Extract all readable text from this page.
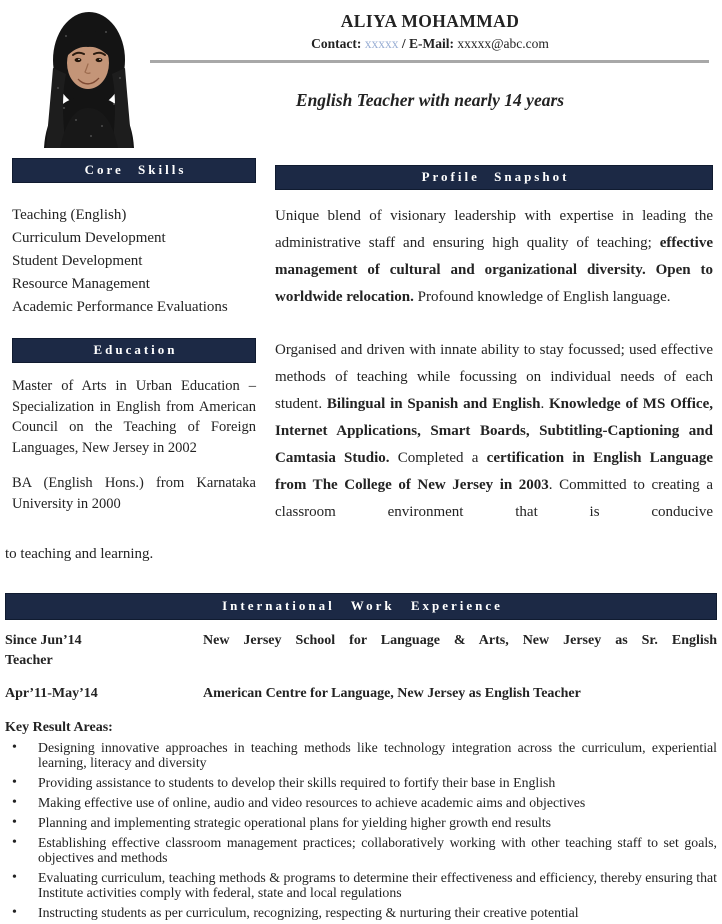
ALIYA MOHAMMAD
Contact: xxxxx / E-Mail: xxxxx@abc.com
English Teacher with nearly 14 years
Core Skills
Teaching (English)
Curriculum Development
Student Development
Resource Management
Academic Performance Evaluations
Education

Master of Arts in Urban Education – Specialization in English from American Council on the Teaching of Foreign Languages, New Jersey in 2002

BA (English Hons.) from Karnataka University in 2000

Profile Snapshot

Unique blend of visionary leadership with expertise in leading the administrative staff and ensuring high quality of teaching; effective management of cultural and organizational diversity. Open to worldwide relocation. Profound knowledge of English language.

Organised and driven with innate ability to stay focussed; used effective methods of teaching while focussing on individual needs of each student. Bilingual in Spanish and English. Knowledge of MS Office, Internet Applications, Smart Boards, Subtitling-Captioning and Camtasia Studio. Completed a certification in English Language from The College of New Jersey in 2003. Committed to creating a classroom environment that is conducive

to teaching and learning.
International Work Experience
Since Jun’14	New Jersey School for Language & Arts, New Jersey as Sr. English
Teacher
Apr’11-May’14	American Centre for Language, New Jersey as English Teacher
Key Result Areas:
• Designing innovative approaches in teaching methods like technology integration across the curriculum, experiential learning, literacy and diversity
• Providing assistance to students to develop their skills required to fortify their base in English
• Making effective use of online, audio and video resources to achieve academic aims and objectives
• Planning and implementing strategic operational plans for yielding higher growth end results
• Establishing effective classroom management practices; collaboratively working with other teaching staff to set goals, objectives and methods
• Evaluating curriculum, teaching methods & programs to determine their effectiveness and efficiency, thereby ensuring that Institute activities comply with federal, state and local regulations
• Instructing students as per curriculum, recognizing, respecting & nurturing their creative potential
